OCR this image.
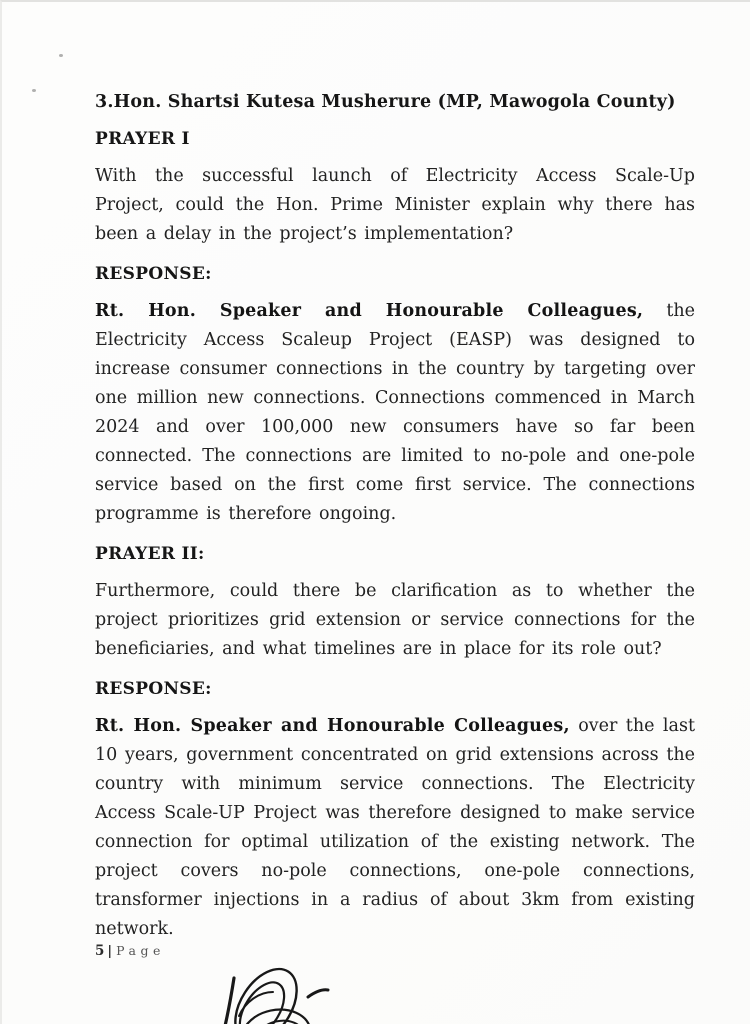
3.Hon. Shartsi Kutesa Musherure (MP, Mawogola County)
PRAYER I

With the successful launch of Electricity Access Scale-Up Project, could the Hon. Prime Minister explain why there has been a delay in the project’s implementation?

RESPONSE:

Rt. Hon. Speaker and Honourable Colleagues, the Electricity Access Scaleup Project (EASP) was designed to increase consumer connections in the country by targeting over one million new connections. Connections commenced in March 2024 and over 100,000 new consumers have so far been connected. The connections are limited to no-pole and one-pole service based on the first come first service. The connections programme is therefore ongoing.

PRAYER II:

Furthermore, could there be clarification as to whether the project prioritizes grid extension or service connections for the beneficiaries, and what timelines are in place for its role out?

RESPONSE:

Rt. Hon. Speaker and Honourable Colleagues, over the last 10 years, government concentrated on grid extensions across the country with minimum service connections. The Electricity Access Scale-UP Project was therefore designed to make service connection for optimal utilization of the existing network. The project covers no-pole connections, one-pole connections, transformer injections in a radius of about 3km from existing network.

5 | Page
